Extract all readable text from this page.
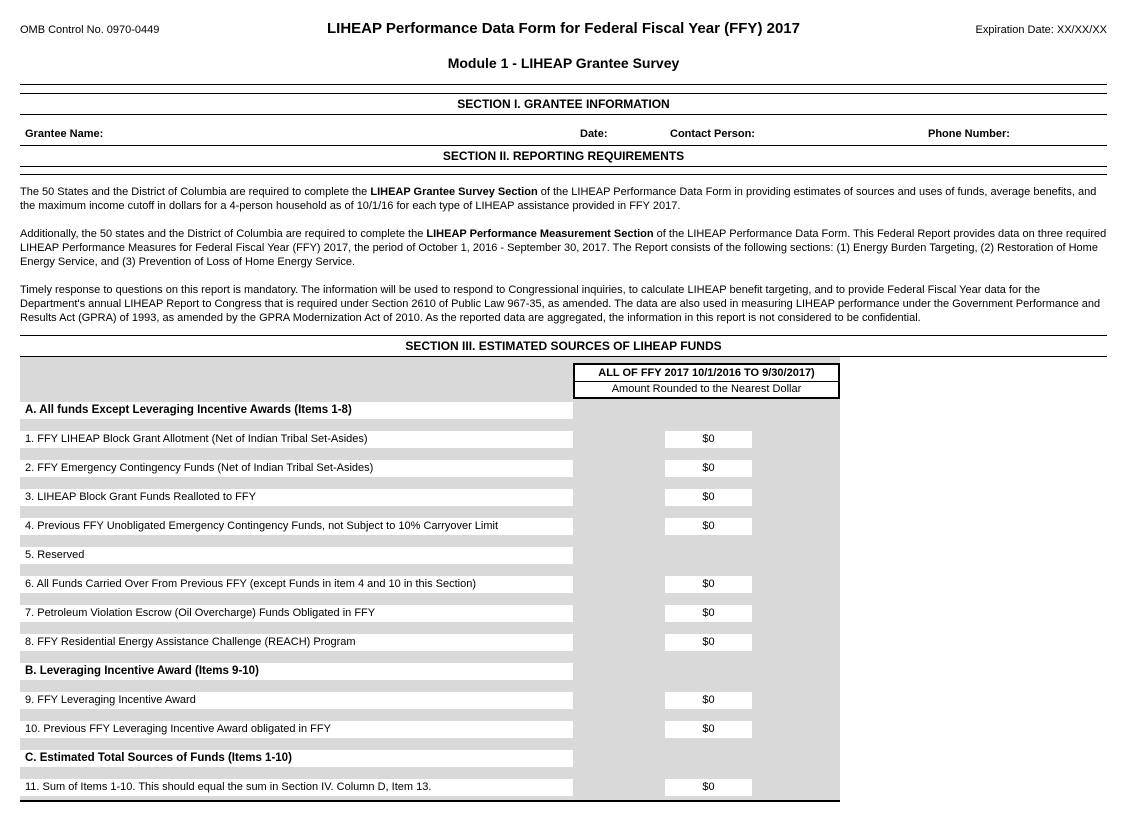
OMB Control No. 0970-0449	LIHEAP Performance Data Form for Federal Fiscal Year (FFY) 2017	Expiration Date: XX/XX/XX
Module 1 - LIHEAP Grantee Survey
SECTION I. GRANTEE INFORMATION
Grantee Name:	Date:	Contact Person:	Phone Number:
SECTION II. REPORTING REQUIREMENTS

The 50 States and the District of Columbia are required to complete the LIHEAP Grantee Survey Section of the LIHEAP Performance Data Form in providing estimates of sources and uses of funds, average benefits, and the maximum income cutoff in dollars for a 4-person household as of 10/1/16 for each type of LIHEAP assistance provided in FFY 2017.

Additionally, the 50 states and the District of Columbia are required to complete the LIHEAP Performance Measurement Section of the LIHEAP Performance Data Form. This Federal Report provides data on three required LIHEAP Performance Measures for Federal Fiscal Year (FFY) 2017, the period of October 1, 2016 - September 30, 2017. The Report consists of the following sections: (1) Energy Burden Targeting, (2) Restoration of Home Energy Service, and (3) Prevention of Loss of Home Energy Service.

Timely response to questions on this report is mandatory. The information will be used to respond to Congressional inquiries, to calculate LIHEAP benefit targeting, and to provide Federal Fiscal Year data for the Department's annual LIHEAP Report to Congress that is required under Section 2610 of Public Law 967-35, as amended. The data are also used in measuring LIHEAP performance under the Government Performance and Results Act (GPRA) of 1993, as amended by the GPRA Modernization Act of 2010. As the reported data are aggregated, the information in this report is not considered to be confidential.

SECTION III. ESTIMATED SOURCES OF LIHEAP FUNDS
ALL OF FFY 2017 10/1/2016 TO 9/30/2017)
Amount Rounded to the Nearest Dollar
A. All funds Except Leveraging Incentive Awards (Items 1-8)
1. FFY LIHEAP Block Grant Allotment (Net of Indian Tribal Set-Asides)	$0
2. FFY Emergency Contingency Funds (Net of Indian Tribal Set-Asides)	$0
3. LIHEAP Block Grant Funds Realloted to FFY	$0
4. Previous FFY Unobligated Emergency Contingency Funds, not Subject to 10% Carryover Limit	$0
5. Reserved
6. All Funds Carried Over From Previous FFY (except Funds in item 4 and 10 in this Section)	$0
7. Petroleum Violation Escrow (Oil Overcharge) Funds Obligated in FFY	$0
8. FFY Residential Energy Assistance Challenge (REACH) Program	$0
B. Leveraging Incentive Award (Items 9-10)
9. FFY Leveraging Incentive Award	$0
10. Previous FFY Leveraging Incentive Award obligated in FFY	$0
C. Estimated Total Sources of Funds (Items 1-10)
11. Sum of Items 1-10. This should equal the sum in Section IV. Column D, Item 13.	$0
